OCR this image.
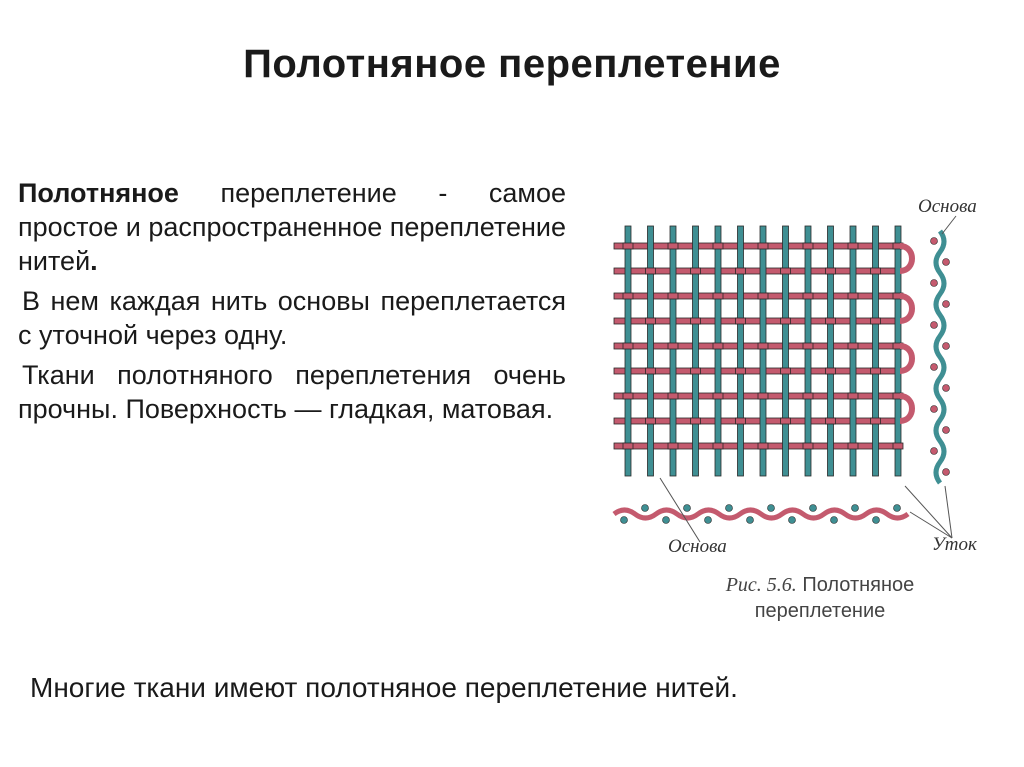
Полотняное переплетение

Полотняное переплетение - самое простое и распространенное переплетение нитей.

В нем каждая нить основы переплетается с уточной через одну.

Ткани полотняного переплетения очень прочны. Поверхность — гладкая, матовая.

Основа
Основа	Уток
Рис. 5.6. Полотняное переплетение
Многие ткани имеют полотняное переплетение нитей.
